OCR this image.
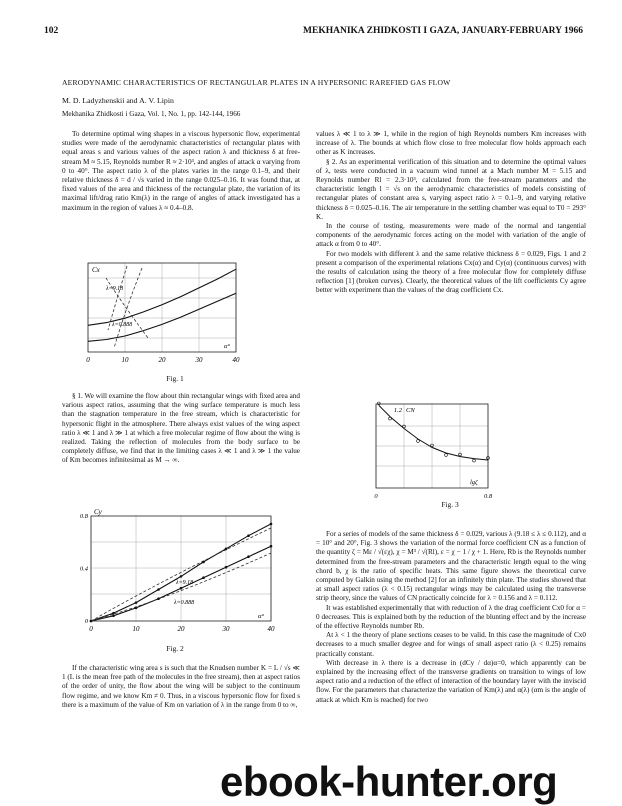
102	MEKHANIKA ZHIDKOSTI I GAZA, JANUARY-FEBRUARY 1966
AERODYNAMIC CHARACTERISTICS OF RECTANGULAR PLATES IN A HYPERSONIC RAREFIED GAS FLOW
M. D. Ladyzhenskii and A. V. Lipin
Mekhanika Zhidkosti i Gaza, Vol. 1, No. 1, pp. 142-144, 1966

To determine optimal wing shapes in a viscous hypersonic flow, experimental studies were made of the aerodynamic characteristics of rectangular plates with equal areas s and various values of the aspect ration λ and thickness δ at free-stream M ≈ 5.15, Reynolds number R ≈ 2·10³, and angles of attack α varying from 0 to 40°. The aspect ratio λ of the plates varies in the range 0.1–9, and their relative thickness δ = d / √s varied in the range 0.025–0.16. It was found that, at fixed values of the area and thickness of the rectangular plate, the variation of its maximal lift/drag ratio Km(λ) in the range of angles of attack investigated has a maximum in the region of values λ ≈ 0.4–0.8.

Cx
λ=9.18
λ=0.888
α°
0	10	20	30	40
Fig. 1

§ 1. We will examine the flow about thin rectangular wings with fixed area and various aspect ratios, assuming that the wing surface temperature is much less than the stagnation temperature in the free stream, which is characteristic for hypersonic flight in the atmosphere. There always exist values of the wing aspect ratio λ ≪ 1 and λ ≫ 1 at which a free molecular regime of flow about the wing is realized. Taking the reflection of molecules from the body surface to be completely diffuse, we find that in the limiting cases λ ≪ 1 and λ ≫ 1 the value of Km becomes infinitesimal as M → ∞.

Cy
λ=9.18
λ=0.888
α°
0	10	20	30	40
0
0.4
0.8
Fig. 2

If the characteristic wing area s is such that the Knudsen number K = L / √s ≪ 1 (L is the mean free path of the molecules in the free stream), then at aspect ratios of the order of unity, the flow about the wing will be subject to the continuum flow regime, and we know Km ≠ 0. Thus, in a viscous hypersonic flow for fixed s there is a maximum of the value of Km on variation of λ in the range from 0 to ∞,

values λ ≪ 1 to λ ≫ 1, while in the region of high Reynolds numbers Km increases with increase of λ. The bounds at which flow close to free molecular flow holds approach each other as K increases.

§ 2. As an experimental verification of this situation and to determine the optimal values of λ, tests were conducted in a vacuum wind tunnel at a Mach number M = 5.15 and Reynolds number Rl = 2.3·10³, calculated from the free-stream parameters and the characteristic length l = √s on the aerodynamic characteristics of models consisting of rectangular plates of constant area s, varying aspect ratio λ = 0.1–9, and varying relative thickness δ = 0.025–0.16. The air temperature in the settling chamber was equal to T0 = 293° K.

In the course of testing, measurements were made of the normal and tangential components of the aerodynamic forces acting on the model with variation of the angle of attack α from 0 to 40°.

For two models with different λ and the same relative thickness δ = 0.029, Figs. 1 and 2 present a comparison of the experimental relations Cx(α) and Cy(α) (continuous curves) with the results of calculation using the theory of a free molecular flow for completely diffuse reflection [1] (broken curves). Clearly, the theoretical values of the lift coefficients Cy agree better with experiment than the values of the drag coefficient Cx.

CN
lgζ
0	0.8
1.2
Fig. 3

For a series of models of the same thickness δ = 0.029, various λ (9.18 ≤ λ ≤ 0.112), and α = 10° and 20°, Fig. 3 shows the variation of the normal force coefficient CN as a function of the quantity ζ = Mε / √(εχ), χ = M³ / √(Rl), ε = χ − 1 / χ + 1. Here, Rb is the Reynolds number determined from the free-stream parameters and the characteristic length equal to the wing chord b, χ is the ratio of specific heats. This same figure shows the theoretical curve computed by Galkin using the method [2] for an infinitely thin plate. The studies showed that at small aspect ratios (λ < 0.15) rectangular wings may be calculated using the transverse strip theory, since the values of CN practically coincide for λ = 0.156 and λ = 0.112.

It was established experimentally that with reduction of λ the drag coefficient Cx0 for α = 0 decreases. This is explained both by the reduction of the blunting effect and by the increase of the effective Reynolds number Rb.

At λ < 1 the theory of plane sections ceases to be valid. In this case the magnitude of Cx0 decreases to a much smaller degree and for wings of small aspect ratio (λ < 0.25) remains practically constant.

With decrease in λ there is a decrease in (dCy / dα)α=0, which apparently can be explained by the increasing effect of the transverse gradients on transition to wings of low aspect ratio and a reduction of the effect of interaction of the boundary layer with the inviscid flow. For the parameters that characterize the variation of Km(λ) and α(λ) (αm is the angle of attack at which Km is reached) for two

ebook-hunter.org
